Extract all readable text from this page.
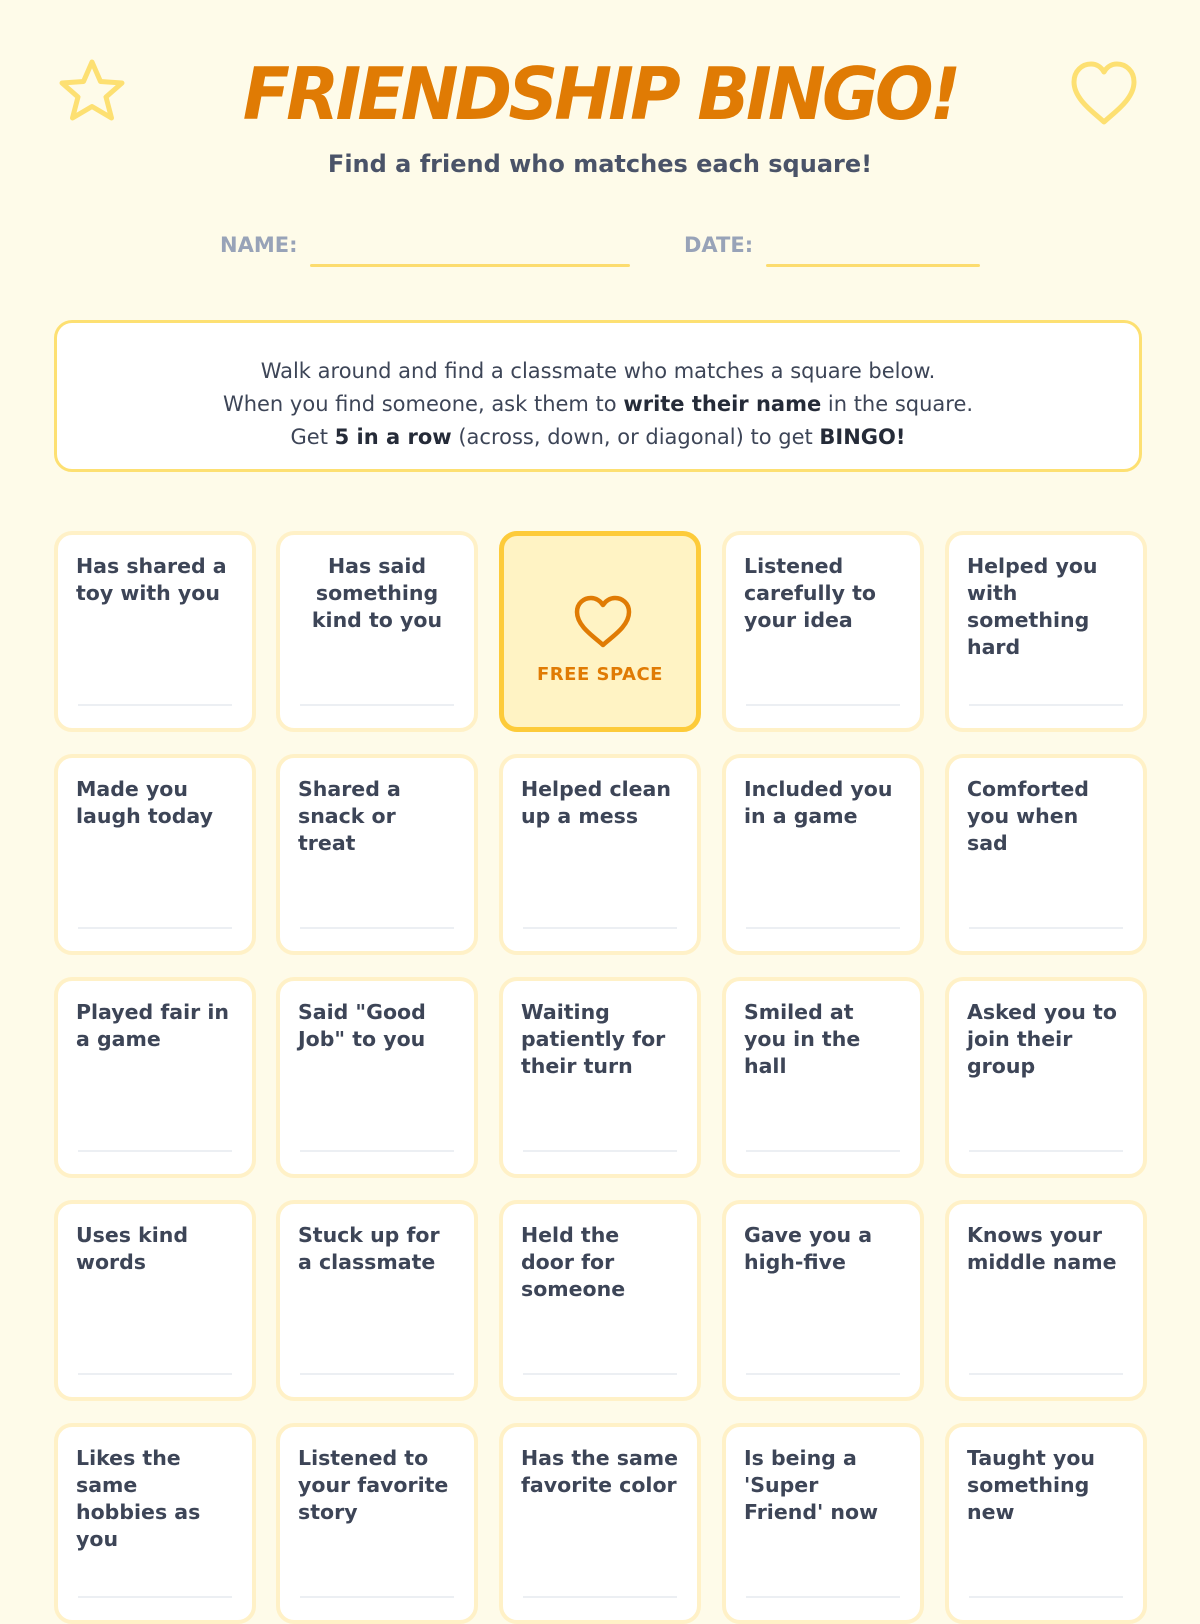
FRIENDSHIP BINGO!
Find a friend who matches each square!
NAME:	DATE:

Walk around and find a classmate who matches a square below.

When you find someone, ask them to write their name in the square.

Get 5 in a row (across, down, or diagonal) to get BINGO!

Has shared a toy with you
Has said something kind to you
FREE SPACE
Listened carefully to your idea
Helped you with something hard
Made you laugh today
Shared a snack or treat
Helped clean up a mess
Included you in a game
Comforted you when sad
Played fair in a game
Said "Good Job" to you
Waiting patiently for their turn
Smiled at you in the hall
Asked you to join their group
Uses kind words
Stuck up for a classmate
Held the door for someone
Gave you a high-five
Knows your middle name
Likes the same hobbies as you
Listened to your favorite story
Has the same favorite color
Is being a 'Super Friend' now
Taught you something new
